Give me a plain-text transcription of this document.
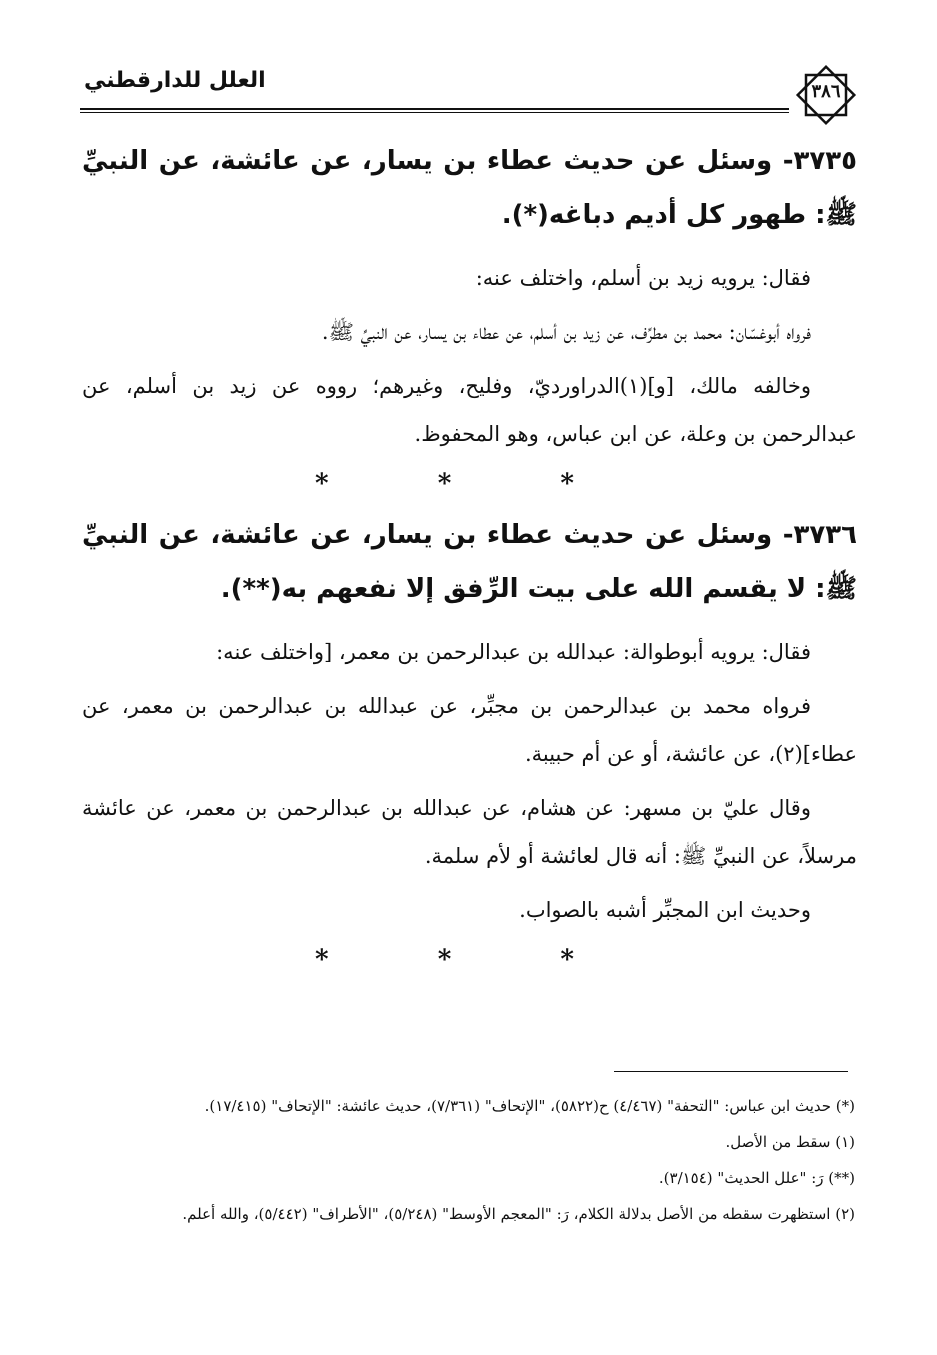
العلل للدارقطني	٣٨٦

٣٧٣٥- وسئل عن حديث عطاء بن يسار، عن عائشة، عن النبيِّ ﷺ: طهور كل أديم دباغه(*).

فقال: يرويه زيد بن أسلم، واختلف عنه:

فرواه أبوغسّان: محمد بن مطرِّف، عن زيد بن أسلم، عن عطاء بن يسار، عن النبيِّ ﷺ.

وخالفه مالك، [و](١)الدراورديّ، وفليح، وغيرهم؛ رووه عن زيد بن أسلم، عن عبدالرحمن بن وعلة، عن ابن عباس، وهو المحفوظ.

* * *

٣٧٣٦- وسئل عن حديث عطاء بن يسار، عن عائشة، عن النبيِّ ﷺ: لا يقسم الله على بيت الرِّفق إلا نفعهم به(**).

فقال: يرويه أبوطوالة: عبدالله بن عبدالرحمن بن معمر، [واختلف عنه:

فرواه محمد بن عبدالرحمن بن مجبِّر، عن عبدالله بن عبدالرحمن بن معمر، عن عطاء](٢)، عن عائشة، أو عن أم حبيبة.

وقال عليّ بن مسهر: عن هشام، عن عبدالله بن عبدالرحمن بن معمر، عن عائشة مرسلاً، عن النبيِّ ﷺ: أنه قال لعائشة أو لأم سلمة.

وحديث ابن المجبِّر أشبه بالصواب.

* * *

(*) حديث ابن عباس: "التحفة" (٤/٤٦٧) ح(٥٨٢٢)، "الإتحاف" (٧/٣٦١)، حديث عائشة: "الإتحاف" (١٧/٤١٥).

(١) سقط من الأصل.

(**) رَ: "علل الحديث" (٣/١٥٤).

(٢) استظهرت سقطه من الأصل بدلالة الكلام، رَ: "المعجم الأوسط" (٥/٢٤٨)، "الأطراف" (٥/٤٤٢)، والله أعلم.
